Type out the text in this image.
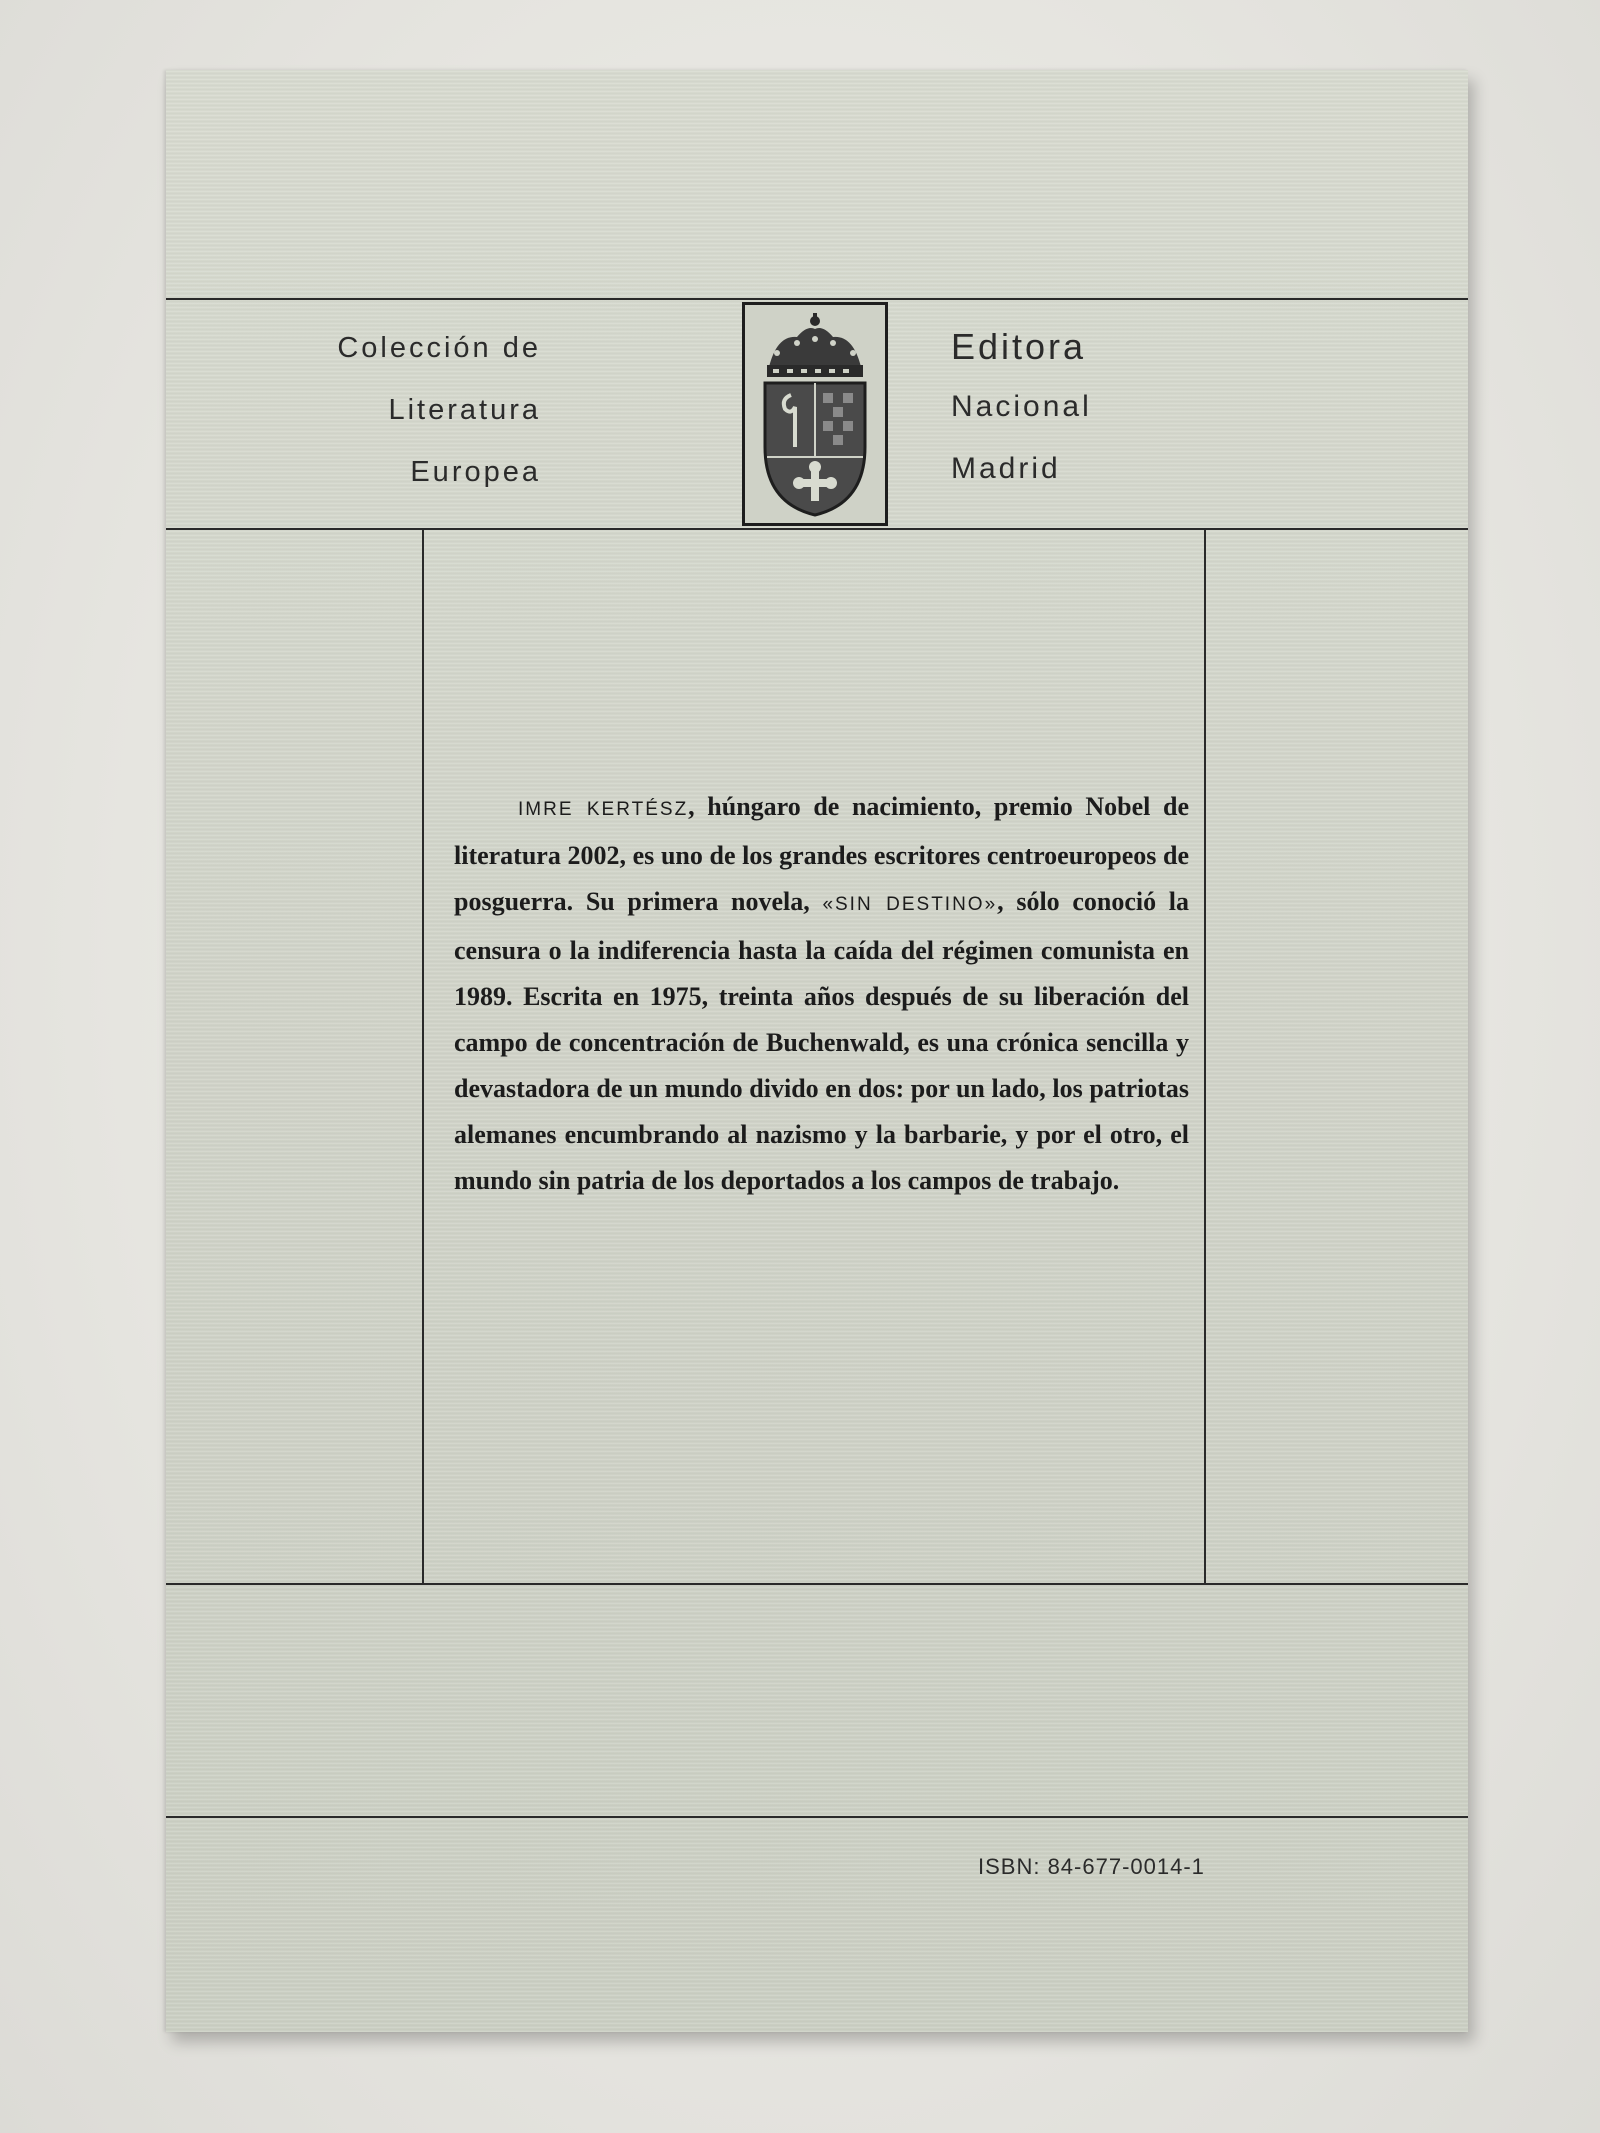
Colección de
Literatura
Europea
Editora
Nacional
Madrid
IMRE KERTÉSZ, húngaro de nacimiento, premio Nobel de literatura 2002, es uno de los grandes escritores centroeuropeos de posguerra. Su primera novela, «SIN DESTINO», sólo conoció la censura o la indiferencia hasta la caída del régimen comunista en 1989. Escrita en 1975, treinta años después de su liberación del campo de concentración de Buchenwald, es una crónica sencilla y devastadora de un mundo divido en dos: por un lado, los patriotas alemanes encumbrando al nazismo y la barbarie, y por el otro, el mundo sin patria de los deportados a los campos de trabajo.
ISBN: 84-677-0014-1
